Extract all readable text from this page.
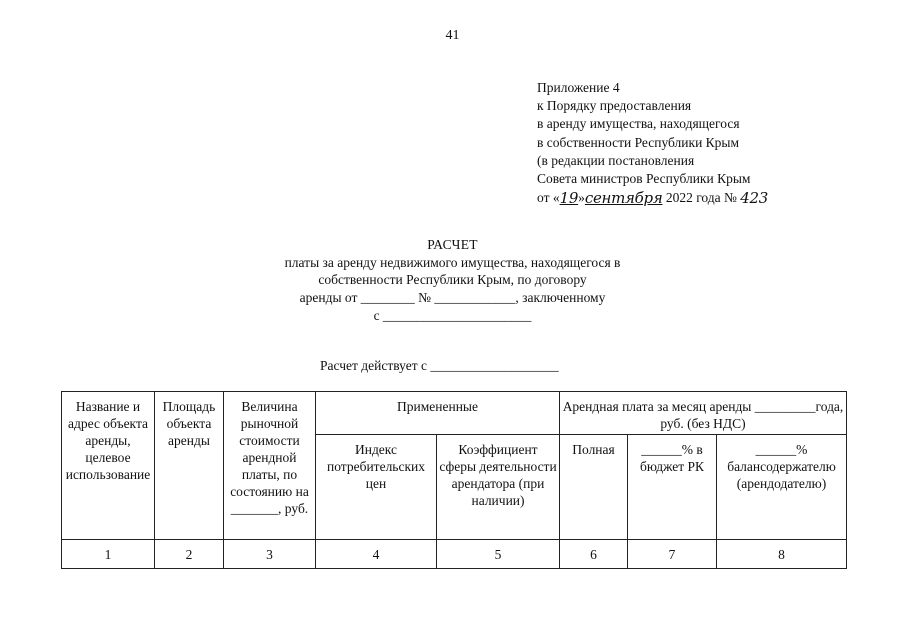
41
Приложение 4
к Порядку предоставления
в аренду имущества, находящегося
в собственности Республики Крым
(в редакции постановления
Совета министров Республики Крым
от «19»сентября 2022 года № 423
РАСЧЕТ
платы за аренду недвижимого имущества, находящегося в
собственности Республики Крым, по договору
аренды от ________ № ____________, заключенному
с ______________________
Расчет действует с ___________________
Название и адрес объекта аренды, целевое использование	Площадь объекта аренды	Величина рыночной стоимости арендной платы, по состоянию на _______, руб.	Примененные		Арендная плата за месяц аренды _________года, руб. (без НДС)		
			Индекс потребительских цен	Коэффициент сферы деятельности арендатора (при наличии)	Полная	______% в бюджет РК	______% балансодержателю (арендодателю)
1	2	3	4	5	6	7	8
